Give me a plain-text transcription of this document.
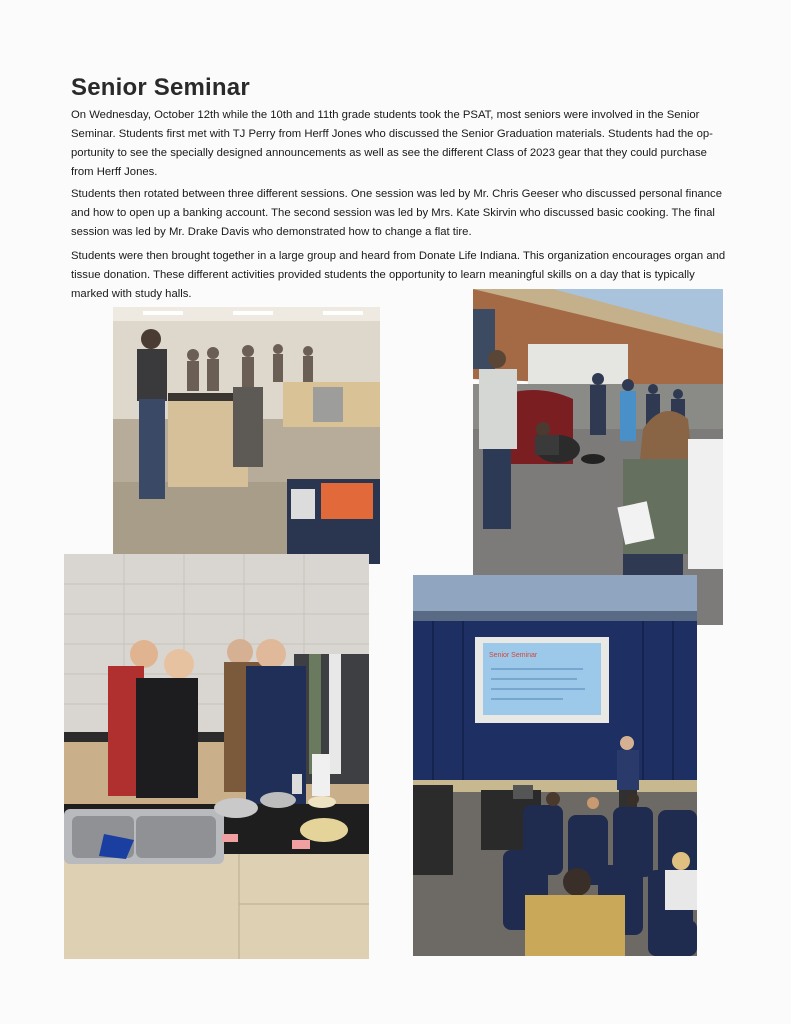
Senior Seminar

On Wednesday, October 12th while the 10th and 11th grade students took the PSAT, most seniors were involved in the Senior Seminar. Students first met with TJ Perry from Herff Jones who discussed the Senior Graduation materials. Students had the op-portunity to see the specially designed announcements as well as see the different Class of 2023 gear that they could purchase from Herff Jones.

Students then rotated between three different sessions. One session was led by Mr. Chris Geeser who discussed personal finance and how to open up a banking account. The second session was led by Mrs. Kate Skirvin who discussed basic cooking. The final session was led by Mr. Drake Davis who demonstrated how to change a flat tire.

Students were then brought together in a large group and heard from Donate Life Indiana. This organization encourages organ and tissue donation. These different activities provided students the opportunity to learn meaningful skills on a day that is typically marked with study halls.

Senior Seminar
